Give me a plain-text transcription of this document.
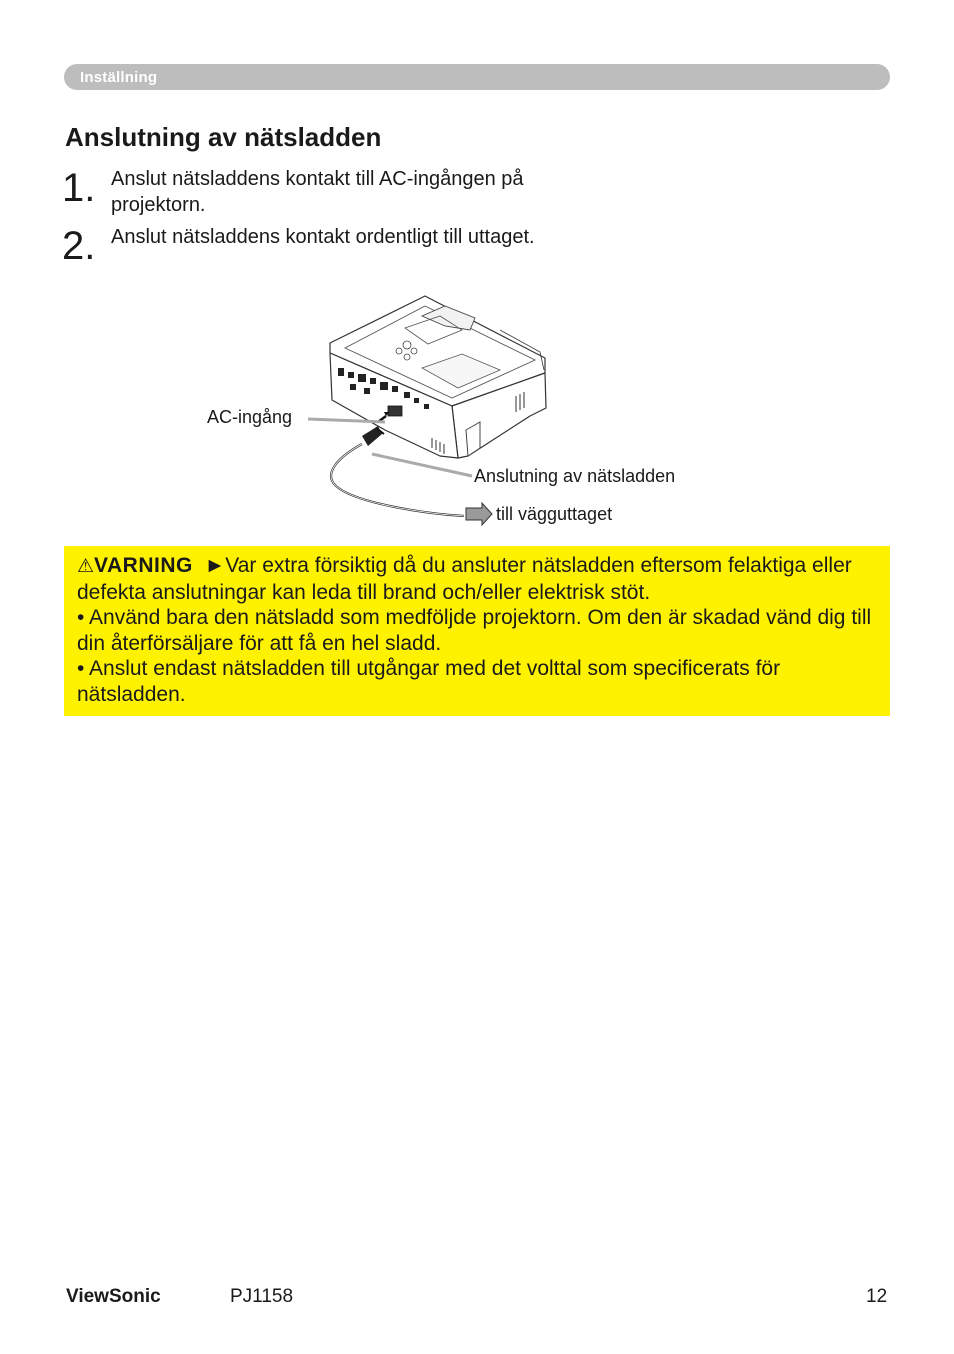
Inställning
Anslutning av nätsladden
1. Anslut nätsladdens kontakt till AC-ingången på projektorn.
2. Anslut nätsladdens kontakt ordentligt till uttaget.
AC-ingång
Anslutning av nätsladden
till vägguttaget

⚠VARNING ►Var extra försiktig då du ansluter nätsladden eftersom felaktiga eller defekta anslutningar kan leda till brand och/eller elektrisk stöt.

• Använd bara den nätsladd som medföljde projektorn. Om den är skadad vänd dig till din återförsäljare för att få en hel sladd.

• Anslut endast nätsladden till utgångar med det volttal som specificerats för nätsladden.

ViewSonic	PJ1158	12
